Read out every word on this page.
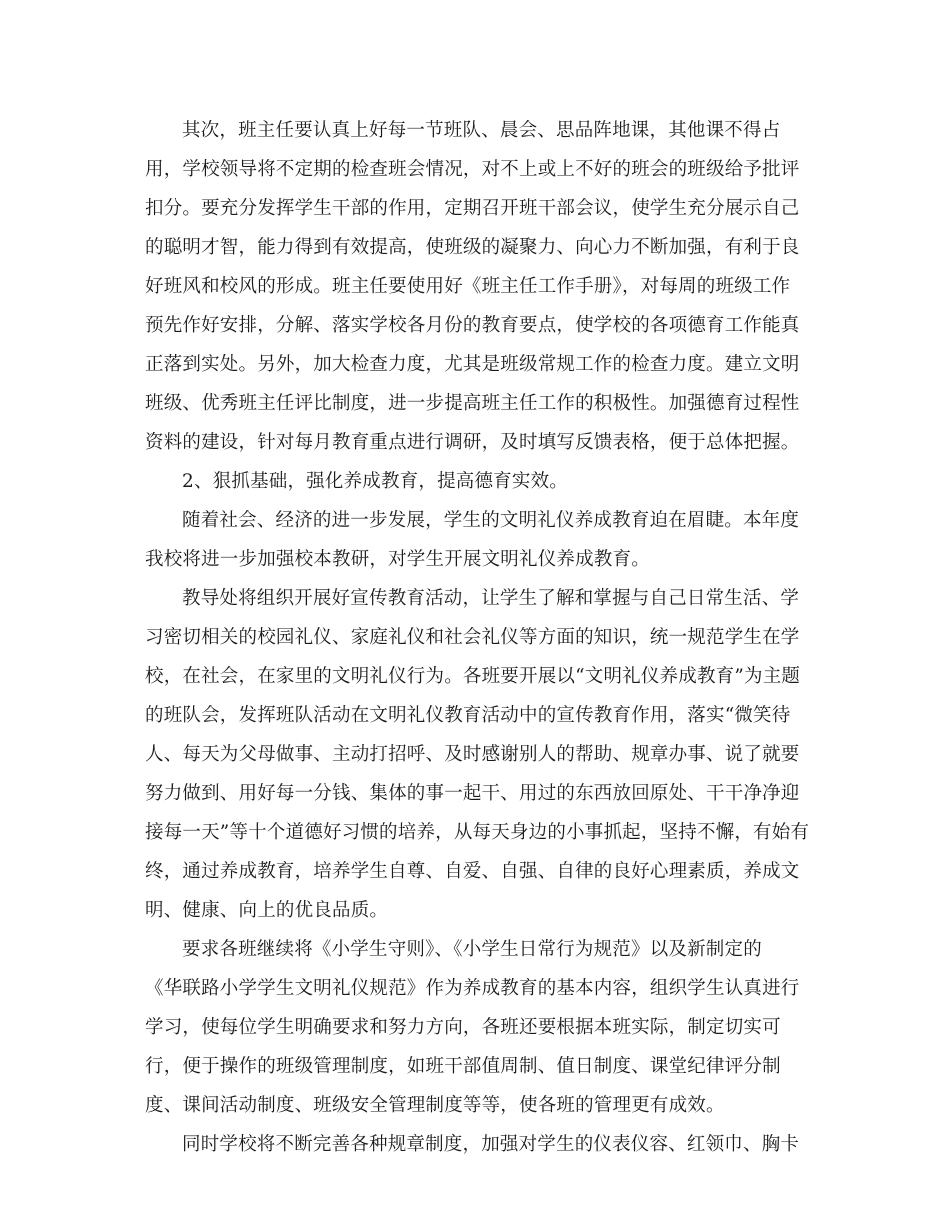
其次，班主任要认真上好每一节班队、晨会、思品阵地课，其他课不得占
用，学校领导将不定期的检查班会情况，对不上或上不好的班会的班级给予批评
扣分。要充分发挥学生干部的作用，定期召开班干部会议，使学生充分展示自己
的聪明才智，能力得到有效提高，使班级的凝聚力、向心力不断加强，有利于良
好班风和校风的形成。班主任要使用好《班主任工作手册》，对每周的班级工作
预先作好安排，分解、落实学校各月份的教育要点，使学校的各项德育工作能真
正落到实处。另外，加大检查力度，尤其是班级常规工作的检查力度。建立文明
班级、优秀班主任评比制度，进一步提高班主任工作的积极性。加强德育过程性
资料的建设，针对每月教育重点进行调研，及时填写反馈表格，便于总体把握。
2、狠抓基础，强化养成教育，提高德育实效。
随着社会、经济的进一步发展，学生的文明礼仪养成教育迫在眉睫。本年度
我校将进一步加强校本教研，对学生开展文明礼仪养成教育。
教导处将组织开展好宣传教育活动，让学生了解和掌握与自己日常生活、学
习密切相关的校园礼仪、家庭礼仪和社会礼仪等方面的知识，统一规范学生在学
校，在社会，在家里的文明礼仪行为。各班要开展以“文明礼仪养成教育”为主题
的班队会，发挥班队活动在文明礼仪教育活动中的宣传教育作用，落实“微笑待
人、每天为父母做事、主动打招呼、及时感谢别人的帮助、规章办事、说了就要
努力做到、用好每一分钱、集体的事一起干、用过的东西放回原处、干干净净迎
接每一天”等十个道德好习惯的培养，从每天身边的小事抓起，坚持不懈，有始有
终，通过养成教育，培养学生自尊、自爱、自强、自律的良好心理素质，养成文
明、健康、向上的优良品质。
要求各班继续将《小学生守则》、《小学生日常行为规范》以及新制定的
《华联路小学学生文明礼仪规范》作为养成教育的基本内容，组织学生认真进行
学习，使每位学生明确要求和努力方向，各班还要根据本班实际，制定切实可
行，便于操作的班级管理制度，如班干部值周制、值日制度、课堂纪律评分制
度、课间活动制度、班级安全管理制度等等，使各班的管理更有成效。
同时学校将不断完善各种规章制度，加强对学生的仪表仪容、红领巾、胸卡
